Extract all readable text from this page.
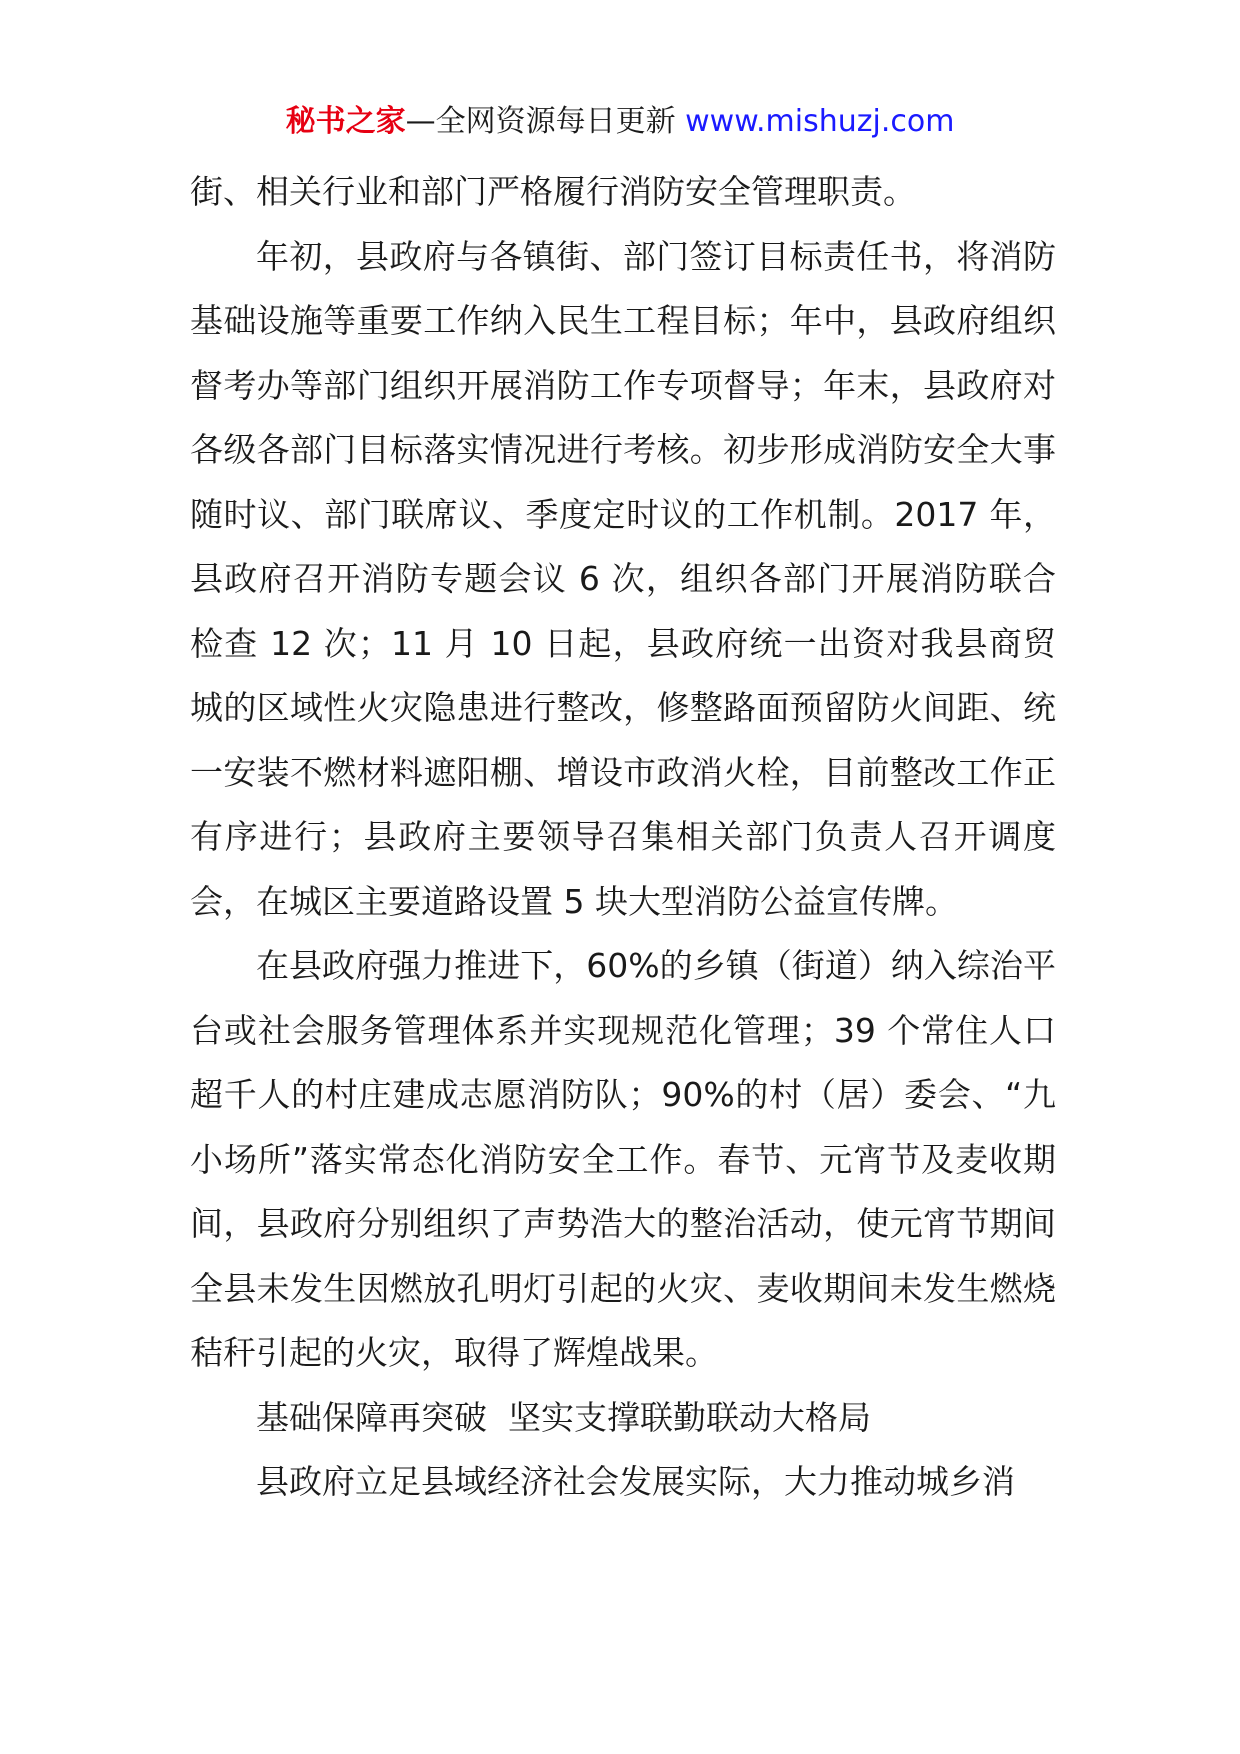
秘书之家—全网资源每日更新 www.mishuzj.com

街、相关行业和部门严格履行消防安全管理职责。

年初，县政府与各镇街、部门签订目标责任书，将消防基础设施等重要工作纳入民生工程目标；年中，县政府组织督考办等部门组织开展消防工作专项督导；年末，县政府对各级各部门目标落实情况进行考核。初步形成消防安全大事随时议、部门联席议、季度定时议的工作机制。2017 年，县政府召开消防专题会议 6 次，组织各部门开展消防联合检查 12 次；11 月 10 日起，县政府统一出资对我县商贸城的区域性火灾隐患进行整改，修整路面预留防火间距、统一安装不燃材料遮阳棚、增设市政消火栓，目前整改工作正有序进行；县政府主要领导召集相关部门负责人召开调度会，在城区主要道路设置 5 块大型消防公益宣传牌。

在县政府强力推进下，60%的乡镇（街道）纳入综治平台或社会服务管理体系并实现规范化管理；39 个常住人口超千人的村庄建成志愿消防队；90%的村（居）委会、“九小场所”落实常态化消防安全工作。春节、元宵节及麦收期间，县政府分别组织了声势浩大的整治活动，使元宵节期间全县未发生因燃放孔明灯引起的火灾、麦收期间未发生燃烧秸秆引起的火灾，取得了辉煌战果。

基础保障再突破  坚实支撑联勤联动大格局

县政府立足县域经济社会发展实际，大力推动城乡消
